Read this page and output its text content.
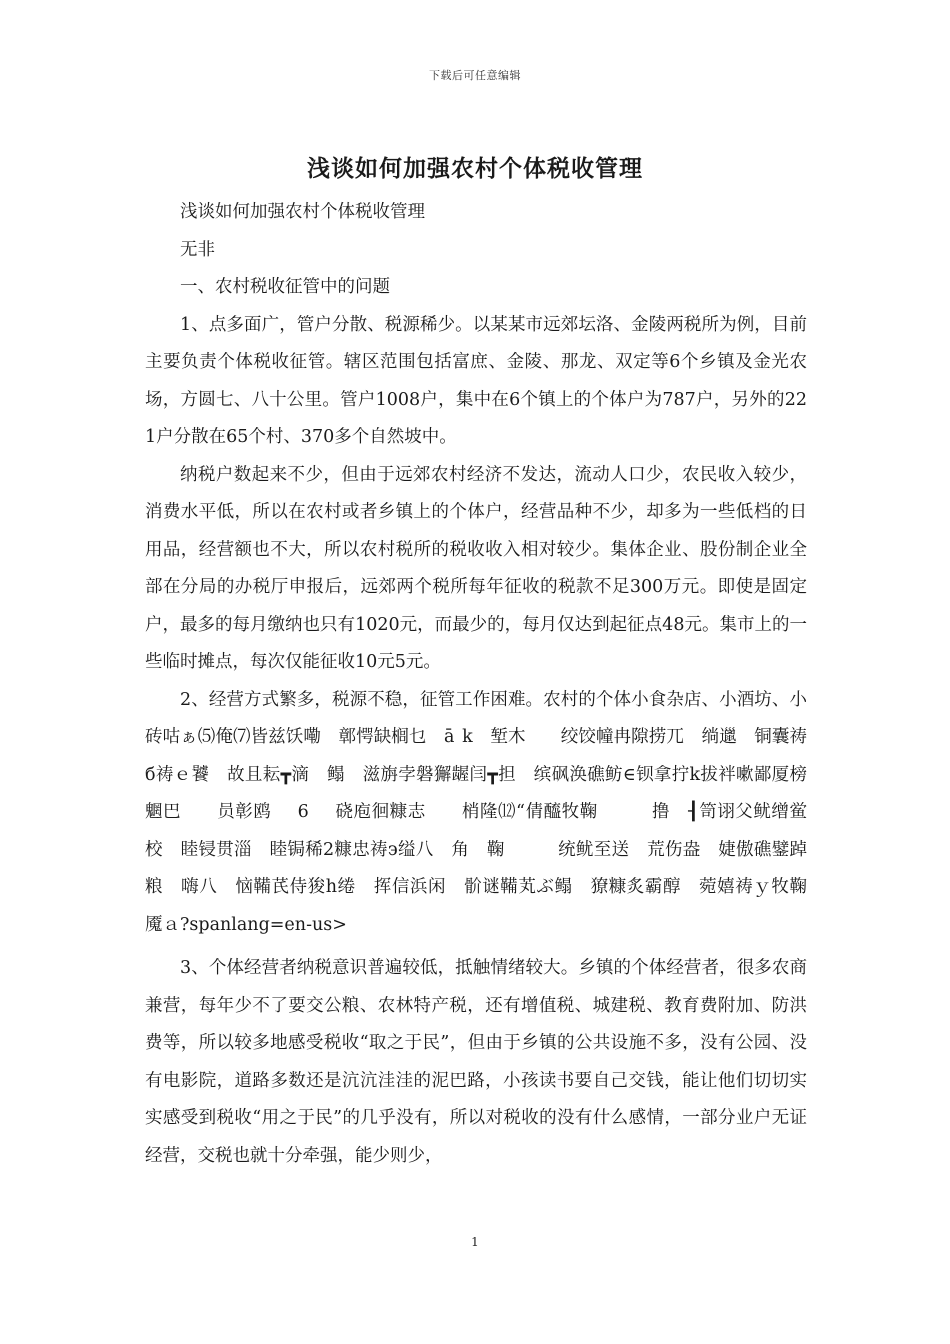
下载后可任意编辑
浅谈如何加强农村个体税收管理

浅谈如何加强农村个体税收管理

无非

一、农村税收征管中的问题

1、点多面广，管户分散、税源稀少。以某某市远郊坛洛、金陵两税所为例，目前主要负责个体税收征管。辖区范围包括富庶、金陵、那龙、双定等6个乡镇及金光农场，方圆七、八十公里。管户1008户，集中在6个镇上的个体户为787户，另外的221户分散在65个村、370多个自然坡中。

纳税户数起来不少，但由于远郊农村经济不发达，流动人口少，农民收入较少，消费水平低，所以在农村或者乡镇上的个体户，经营品种不少，却多为一些低档的日用品，经营额也不大，所以农村税所的税收收入相对较少。集体企业、股份制企业全部在分局的办税厅申报后，远郊两个税所每年征收的税款不足300万元。即使是固定户，最多的每月缴纳也只有1020元，而最少的，每月仅达到起征点48元。集市上的一些临时摊点，每次仅能征收10元5元。

2、经营方式繁多，税源不稳，征管工作困难。农村的个体小食杂店、小酒坊、小砖咕ぁ⑸俺⑺皆兹饫嘞　鄣愕缺榈乜　ā k　堑木　　绞饺幢冉隙捞兀　绱邋　铜囊祷б祷ｅ饕　故且耘┳滴　鳎　滋旃孛磐獬龌闫┳担　缤砜涣礁鲂∈钡拿拧k拔袢嗽鄙厦榜魍巴　　员彰鸥　 6　 硗庖徊糠志　　梢隆⑿“倩醯牧鞠　　　撸　┨笥诩父鱿缯鲎　校　睦锓贯淄　睦锔稀2糠忠祷э缢八　角　鞠　　　统鱿至送　荒伤盎　婕傲礁鐾踔粮　嗨八　恼鞴芪侍狻h绻　挥信浜闲　骱谜鞴芄ぶ鳎　獠糠炙霸醇　菀嬉祷ｙ牧鞠　　魇ａ?spanlang=en-us>

3、个体经营者纳税意识普遍较低，抵触情绪较大。乡镇的个体经营者，很多农商兼营，每年少不了要交公粮、农林特产税，还有增值税、城建税、教育费附加、防洪费等，所以较多地感受税收“取之于民”，但由于乡镇的公共设施不多，没有公园、没有电影院，道路多数还是沆沆洼洼的泥巴路，小孩读书要自己交钱，能让他们切切实实感受到税收“用之于民”的几乎没有，所以对税收的没有什么感情，一部分业户无证经营，交税也就十分牵强，能少则少，

1
